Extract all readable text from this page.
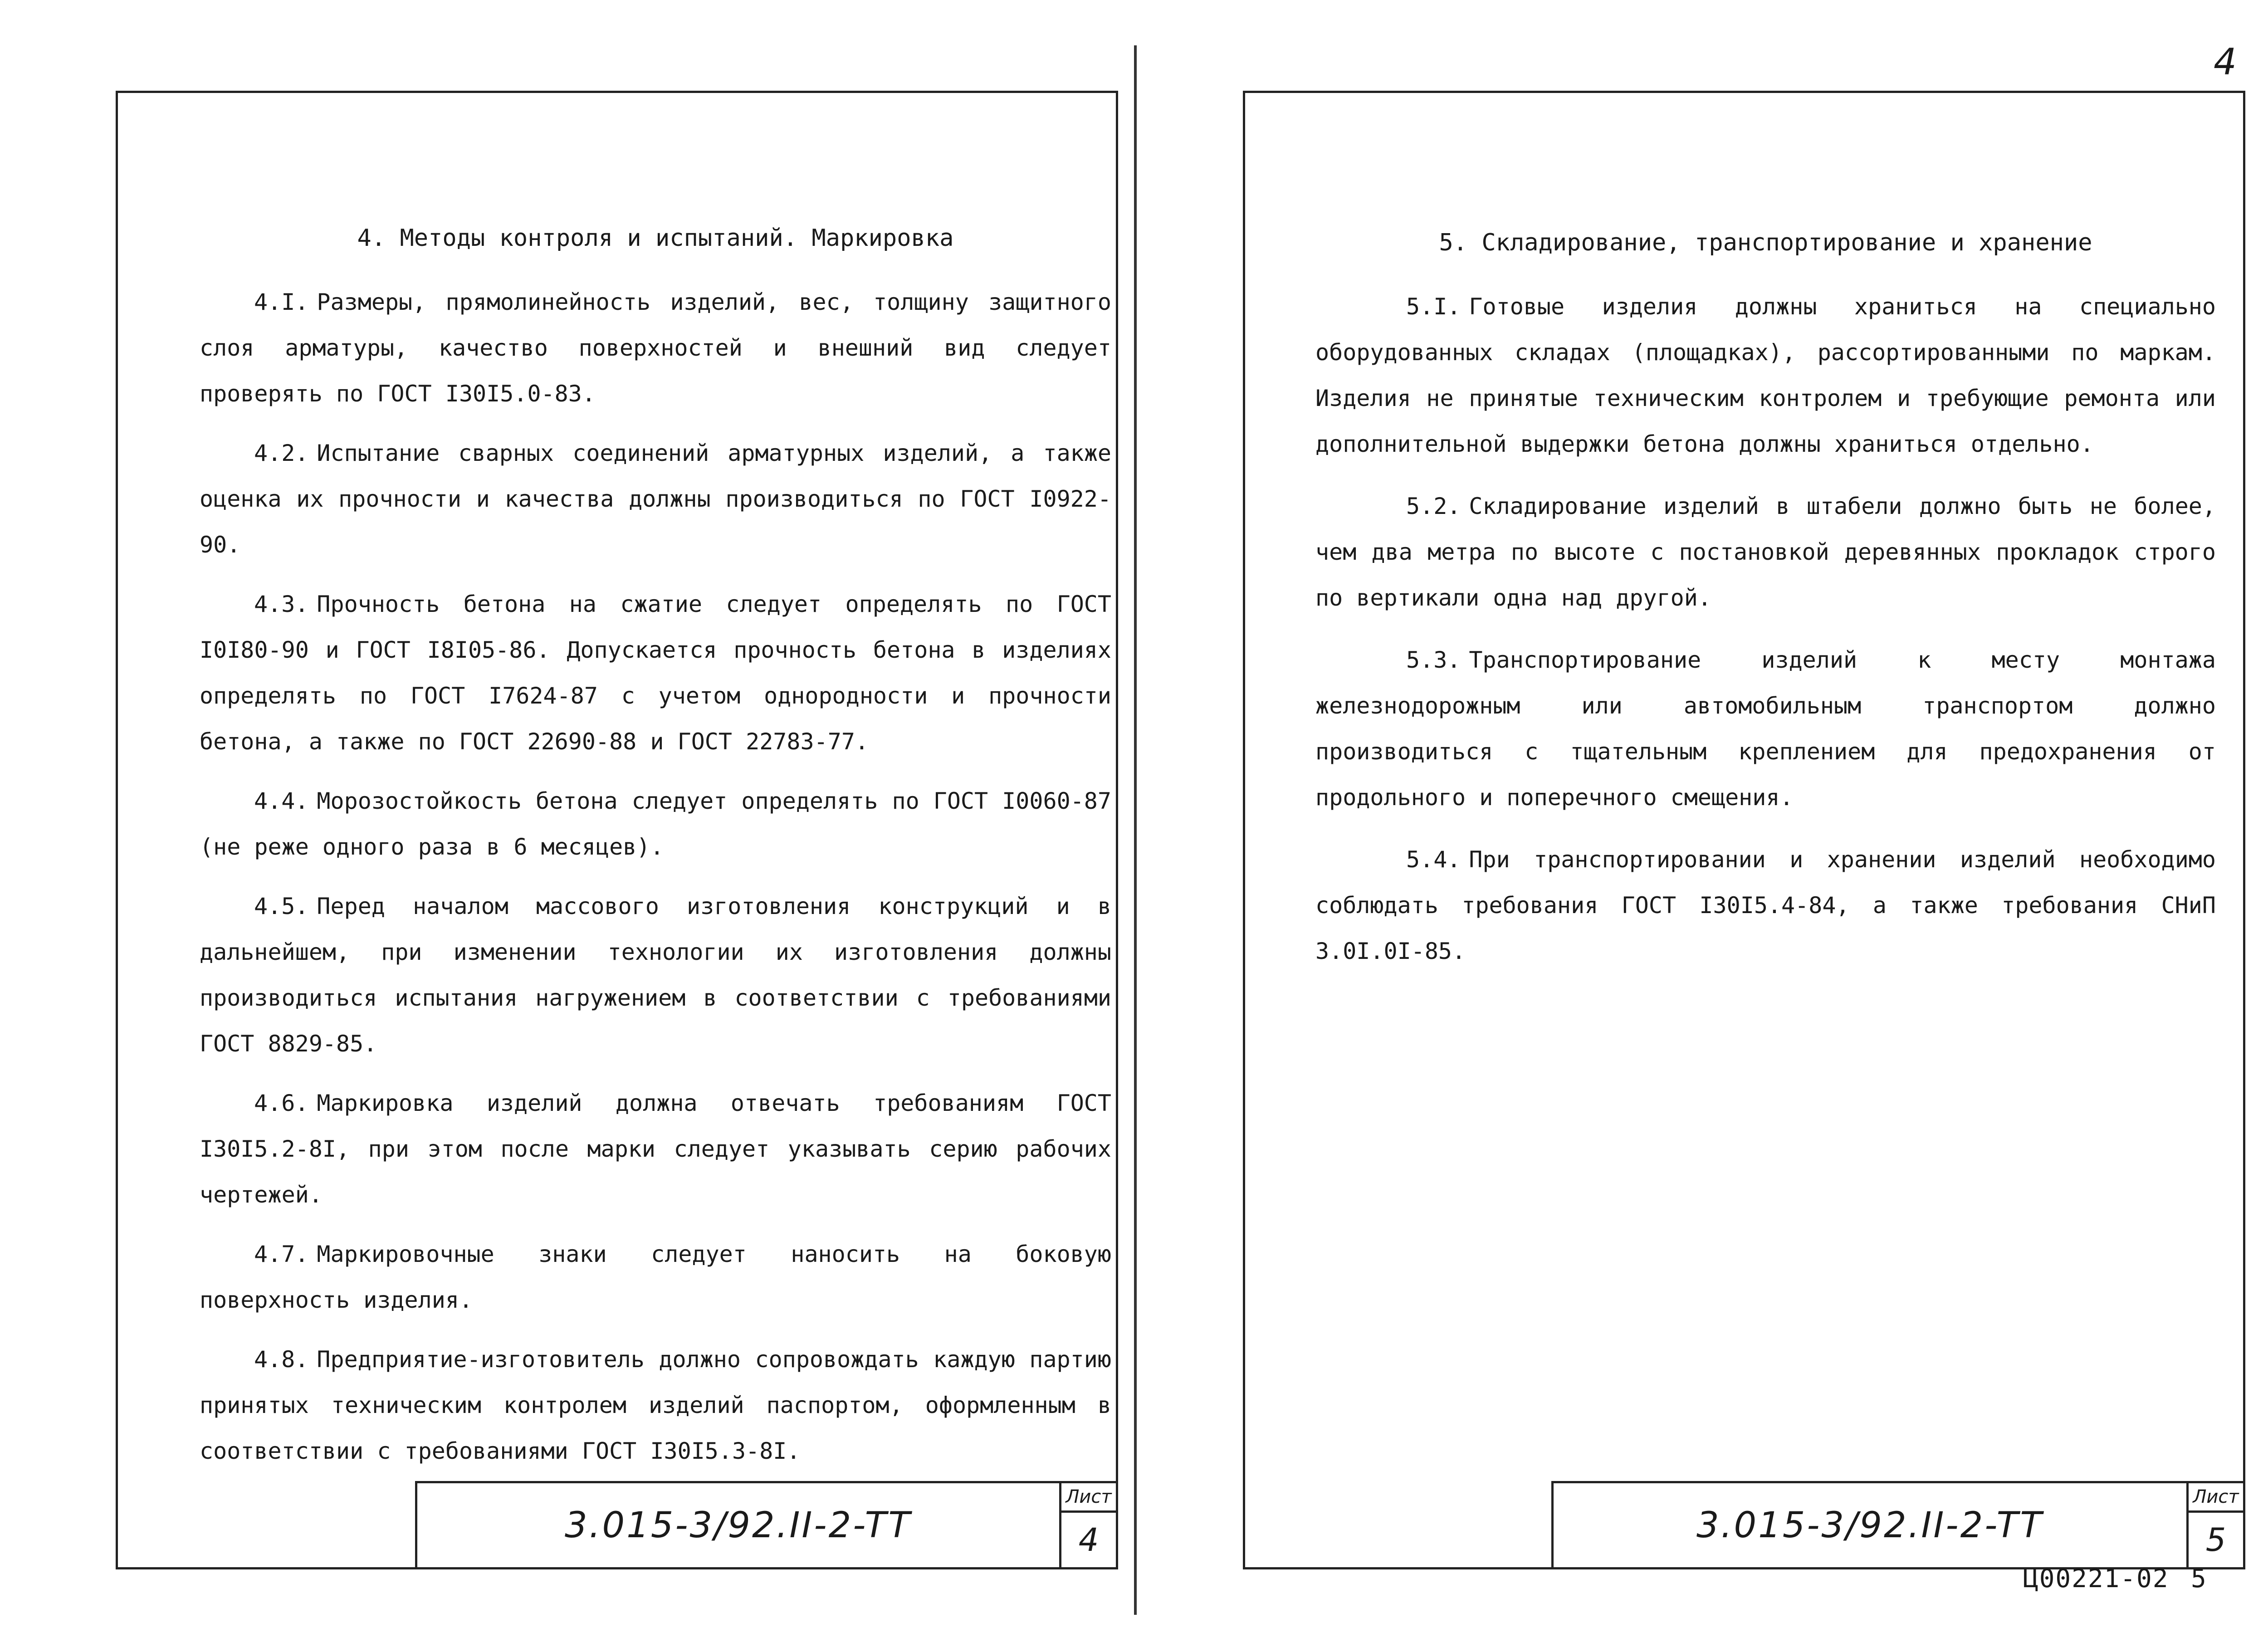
4
4. Методы контроля и испытаний. Маркировка

4.I. Размеры, прямолинейность изделий, вес, толщину защитного слоя арматуры, качество поверхностей и внешний вид следует проверять по ГОСТ I30I5.0-83.

4.2. Испытание сварных соединений арматурных изделий, а также оценка их прочности и качества должны производиться по ГОСТ I0922-90.

4.3. Прочность бетона на сжатие следует определять по ГОСТ I0I80-90 и ГОСТ I8I05-86. Допускается прочность бетона в изделиях определять по ГОСТ I7624-87 с учетом однородности и прочности бетона, а также по ГОСТ 22690-88 и ГОСТ 22783-77.

4.4. Морозостойкость бетона следует определять по ГОСТ I0060-87 (не реже одного раза в 6 месяцев).

4.5. Перед началом массового изготовления конструкций и в дальнейшем, при изменении технологии их изготовления должны производиться испытания нагружением в соответствии с требованиями ГОСТ 8829-85.

4.6. Маркировка изделий должна отвечать требованиям ГОСТ I30I5.2-8I, при этом после марки следует указывать серию рабочих чертежей.

4.7. Маркировочные знаки следует наносить на боковую поверхность изделия.

4.8. Предприятие-изготовитель должно сопровождать каждую партию принятых техническим контролем изделий паспортом, оформленным в соответствии с требованиями ГОСТ I30I5.3-8I.

3.015-3/92.II-2-TT
Лист
4
5. Складирование, транспортирование и хранение

5.I. Готовые изделия должны храниться на специально оборудованных складах (площадках), рассортированными по маркам. Изделия не принятые техническим контролем и требующие ремонта или дополнительной выдержки бетона должны храниться отдельно.

5.2. Складирование изделий в штабели должно быть не более, чем два метра по высоте с постановкой деревянных прокладок строго по вертикали одна над другой.

5.3. Транспортирование изделий к месту монтажа железнодорожным или автомобильным транспортом должно производиться с тщательным креплением для предохранения от продольного и поперечного смещения.

5.4. При транспортировании и хранении изделий необходимо соблюдать требования ГОСТ I30I5.4-84, а также требования СНиП 3.0I.0I-85.

3.015-3/92.II-2-TT
Лист
5
Ц00221-02 5
